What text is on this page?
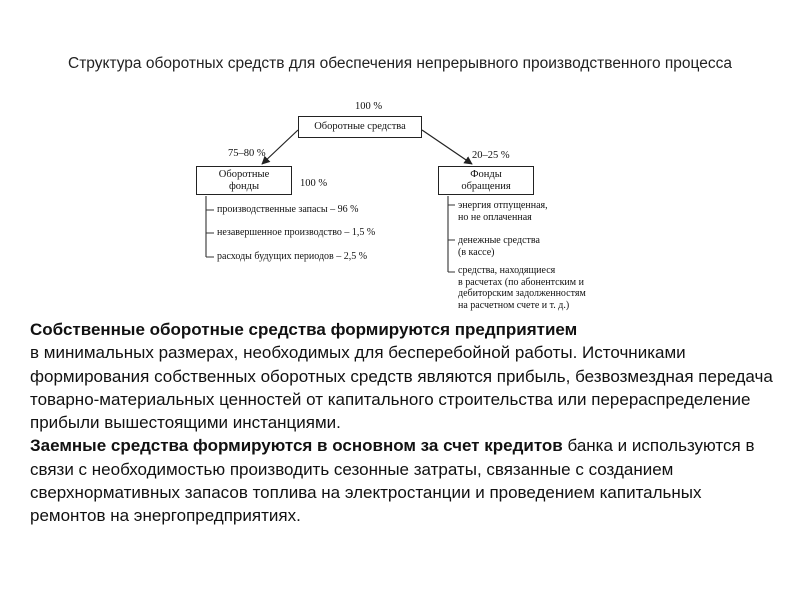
Структура оборотных средств для обеспечения непрерывного производственного процесса
100 %
Оборотные средства
75–80 %
Оборотные
фонды	100 %
производственные запасы – 96 %
незавершенное производство – 1,5 %
расходы будущих периодов – 2,5 %
20–25 %
Фонды
обращения
энергия отпущенная,
но не оплаченная
денежные средства
(в кассе)
средства, находящиеся
в расчетах (по абонентским и
дебиторским задолженностям
на расчетном счете и т. д.)

Собственные оборотные средства формируются предприятием
в минимальных размерах, необходимых для бесперебойной работы. Источниками формирования собственных оборотных средств являются прибыль, безвозмездная передача товарно-материальных ценностей от капитального строительства или перераспределение прибыли вышестоящими инстанциями.

Заемные средства формируются в основном за счет кредитов банка и используются в связи с необходимостью производить сезонные затраты, связанные с созданием сверхнормативных запасов топлива на электростанции и проведением капитальных ремонтов на энергопредприятиях.
